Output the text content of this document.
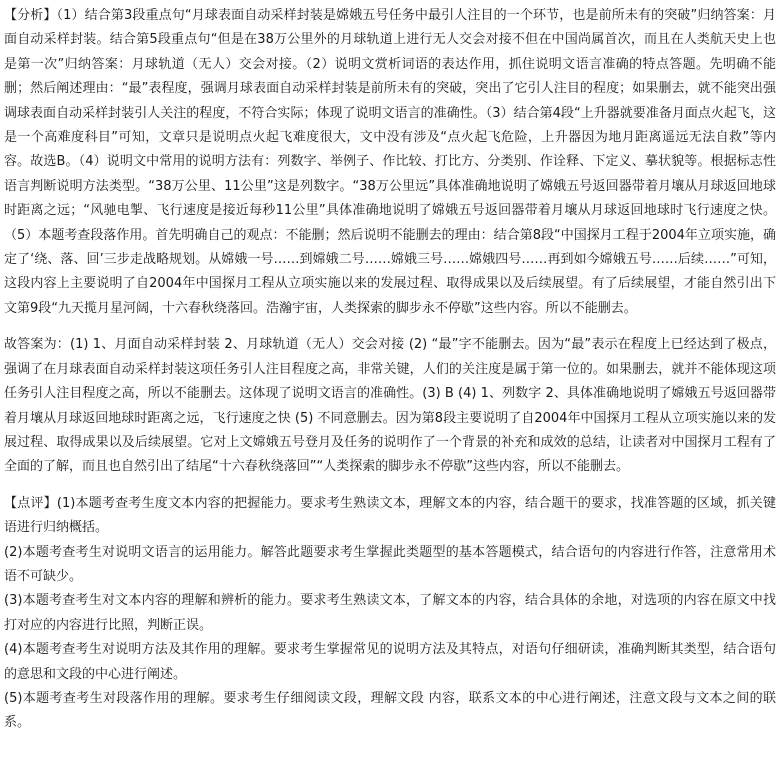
【分析】（1）结合第3段重点句“月球表面自动采样封装是嫦娥五号任务中最引人注目的一个环节，也是前所未有的突破”归纳答案：月面自动采样封装。结合第5段重点句“但是在38万公里外的月球轨道上进行无人交会对接不但在中国尚属首次，而且在人类航天史上也是第一次”归纳答案：月球轨道（无人）交会对接。（2）说明文赏析词语的表达作用，抓住说明文语言准确的特点答题。先明确不能删；然后阐述理由：“最”表程度，强调月球表面自动采样封装是前所未有的突破，突出了它引人注目的程度；如果删去，就不能突出强调球表面自动采样封装引人关注的程度，不符合实际；体现了说明文语言的准确性。（3）结合第4段“上升器就要准备月面点火起飞，这是一个高难度科目”可知，文章只是说明点火起飞难度很大，文中没有涉及“点火起飞危险，上升器因为地月距离遥远无法自救”等内容。故选B。（4）说明文中常用的说明方法有：列数字、举例子、作比较、打比方、分类别、作诠释、下定义、摹状貌等。根据标志性语言判断说明方法类型。“38万公里、11公里”这是列数字。“38万公里远”具体准确地说明了嫦娥五号返回器带着月壤从月球返回地球时距离之远；“风驰电掣、飞行速度是接近每秒11公里”具体准确地说明了嫦娥五号返回器带着月壤从月球返回地球时飞行速度之快。（5）本题考查段落作用。首先明确自己的观点：不能删；然后说明不能删去的理由：结合第8段“中国探月工程于2004年立项实施，确定了‘绕、落、回’三步走战略规划。从嫦娥一号……到嫦娥二号……嫦娥三号……嫦娥四号……再到如今嫦娥五号……后续……”可知，这段内容上主要说明了自2004年中国探月工程从立项实施以来的发展过程、取得成果以及后续展望。有了后续展望，才能自然引出下文第9段“九天揽月星河阔，十六春秋绕落回。浩瀚宇宙，人类探索的脚步永不停歇”这些内容。所以不能删去。

故答案为：(1) 1、月面自动采样封装 2、月球轨道（无人）交会对接 (2) “最”字不能删去。因为“最”表示在程度上已经达到了极点，强调了在月球表面自动采样封装这项任务引人注目程度之高，非常关键，人们的关注度是属于第一位的。如果删去，就并不能体现这项任务引人注目程度之高，所以不能删去。这体现了说明文语言的准确性。(3) B (4) 1、列数字 2、具体准确地说明了嫦娥五号返回器带着月壤从月球返回地球时距离之远，飞行速度之快 (5) 不同意删去。因为第8段主要说明了自2004年中国探月工程从立项实施以来的发展过程、取得成果以及后续展望。它对上文嫦娥五号登月及任务的说明作了一个背景的补充和成效的总结，让读者对中国探月工程有了全面的了解，而且也自然引出了结尾“十六春秋绕落回”“人类探索的脚步永不停歇”这些内容，所以不能删去。

【点评】(1)本题考查考生度文本内容的把握能力。要求考生熟读文本，理解文本的内容，结合题干的要求，找准答题的区域，抓关键语进行归纳概括。

(2)本题考查考生对说明文语言的运用能力。解答此题要求考生掌握此类题型的基本答题模式，结合语句的内容进行作答，注意常用术语不可缺少。

(3)本题考查考生对文本内容的理解和辨析的能力。要求考生熟读文本，了解文本的内容，结合具体的余地，对选项的内容在原文中找打对应的内容进行比照，判断正误。

(4)本题考查考生对说明方法及其作用的理解。要求考生掌握常见的说明方法及其特点，对语句仔细研读，准确判断其类型，结合语句的意思和文段的中心进行阐述。

(5)本题考查考生对段落作用的理解。要求考生仔细阅读文段，理解文段 内容，联系文本的中心进行阐述，注意文段与文本之间的联系。
